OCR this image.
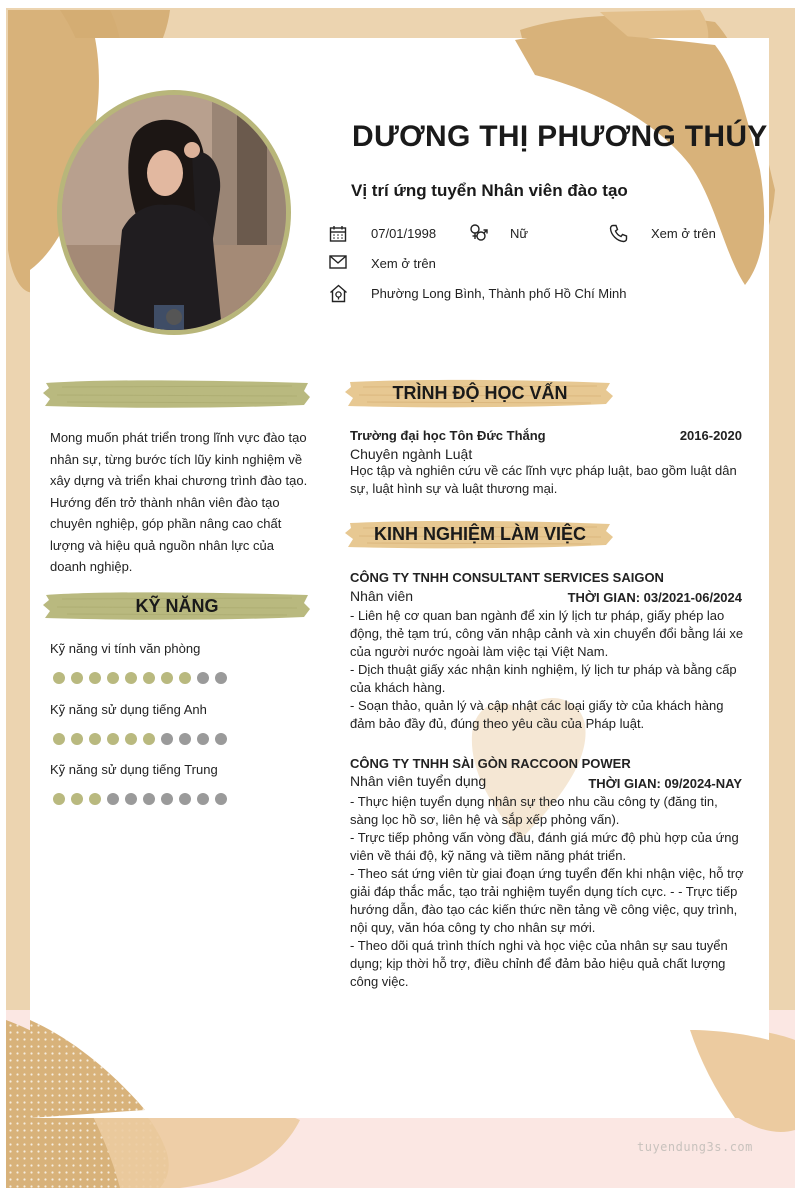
DƯƠNG THỊ PHƯƠNG THÚY
Vị trí ứng tuyển Nhân viên đào tạo
07/01/1998	Nữ	Xem ở trên
Xem ở trên
Phường Long Bình, Thành phố Hồ Chí Minh
Mong muốn phát triển trong lĩnh vực đào tạo nhân sự, từng bước tích lũy kinh nghiệm về xây dựng và triển khai chương trình đào tạo. Hướng đến trở thành nhân viên đào tạo chuyên nghiệp, góp phần nâng cao chất lượng và hiệu quả nguồn nhân lực của doanh nghiệp.
KỸ NĂNG
Kỹ năng vi tính văn phòng
Kỹ năng sử dụng tiếng Anh
Kỹ năng sử dụng tiếng Trung
TRÌNH ĐỘ HỌC VẤN
Trường đại học Tôn Đức Thắng	2016-2020
Chuyên ngành Luật
Học tập và nghiên cứu về các lĩnh vực pháp luật, bao gồm luật dân sự, luật hình sự và luật thương mại.
KINH NGHIỆM LÀM VIỆC
CÔNG TY TNHH CONSULTANT SERVICES SAIGON
Nhân viên	THỜI GIAN: 03/2021-06/2024
- Liên hệ cơ quan ban ngành để xin lý lịch tư pháp, giấy phép lao động, thẻ tạm trú, công văn nhập cảnh và xin chuyển đổi bằng lái xe của người nước ngoài làm việc tại Việt Nam.
- Dịch thuật giấy xác nhận kinh nghiệm, lý lịch tư pháp và bằng cấp của khách hàng.
- Soạn thảo, quản lý và cập nhật các loại giấy tờ của khách hàng đảm bảo đầy đủ, đúng theo yêu cầu của Pháp luật.
CÔNG TY TNHH SÀI GÒN RACCOON POWER
Nhân viên tuyển dụng	THỜI GIAN: 09/2024-NAY
- Thực hiện tuyển dụng nhân sự theo nhu cầu công ty (đăng tin, sàng lọc hồ sơ, liên hệ và sắp xếp phỏng vấn).
- Trực tiếp phỏng vấn vòng đầu, đánh giá mức độ phù hợp của ứng viên về thái độ, kỹ năng và tiềm năng phát triển.
- Theo sát ứng viên từ giai đoạn ứng tuyển đến khi nhận việc, hỗ trợ giải đáp thắc mắc, tạo trải nghiệm tuyển dụng tích cực. - - Trực tiếp hướng dẫn, đào tạo các kiến thức nền tảng về công việc, quy trình, nội quy, văn hóa công ty cho nhân sự mới.
- Theo dõi quá trình thích nghi và học việc của nhân sự sau tuyển dụng; kịp thời hỗ trợ, điều chỉnh để đảm bảo hiệu quả chất lượng công việc.
tuyendung3s.com
